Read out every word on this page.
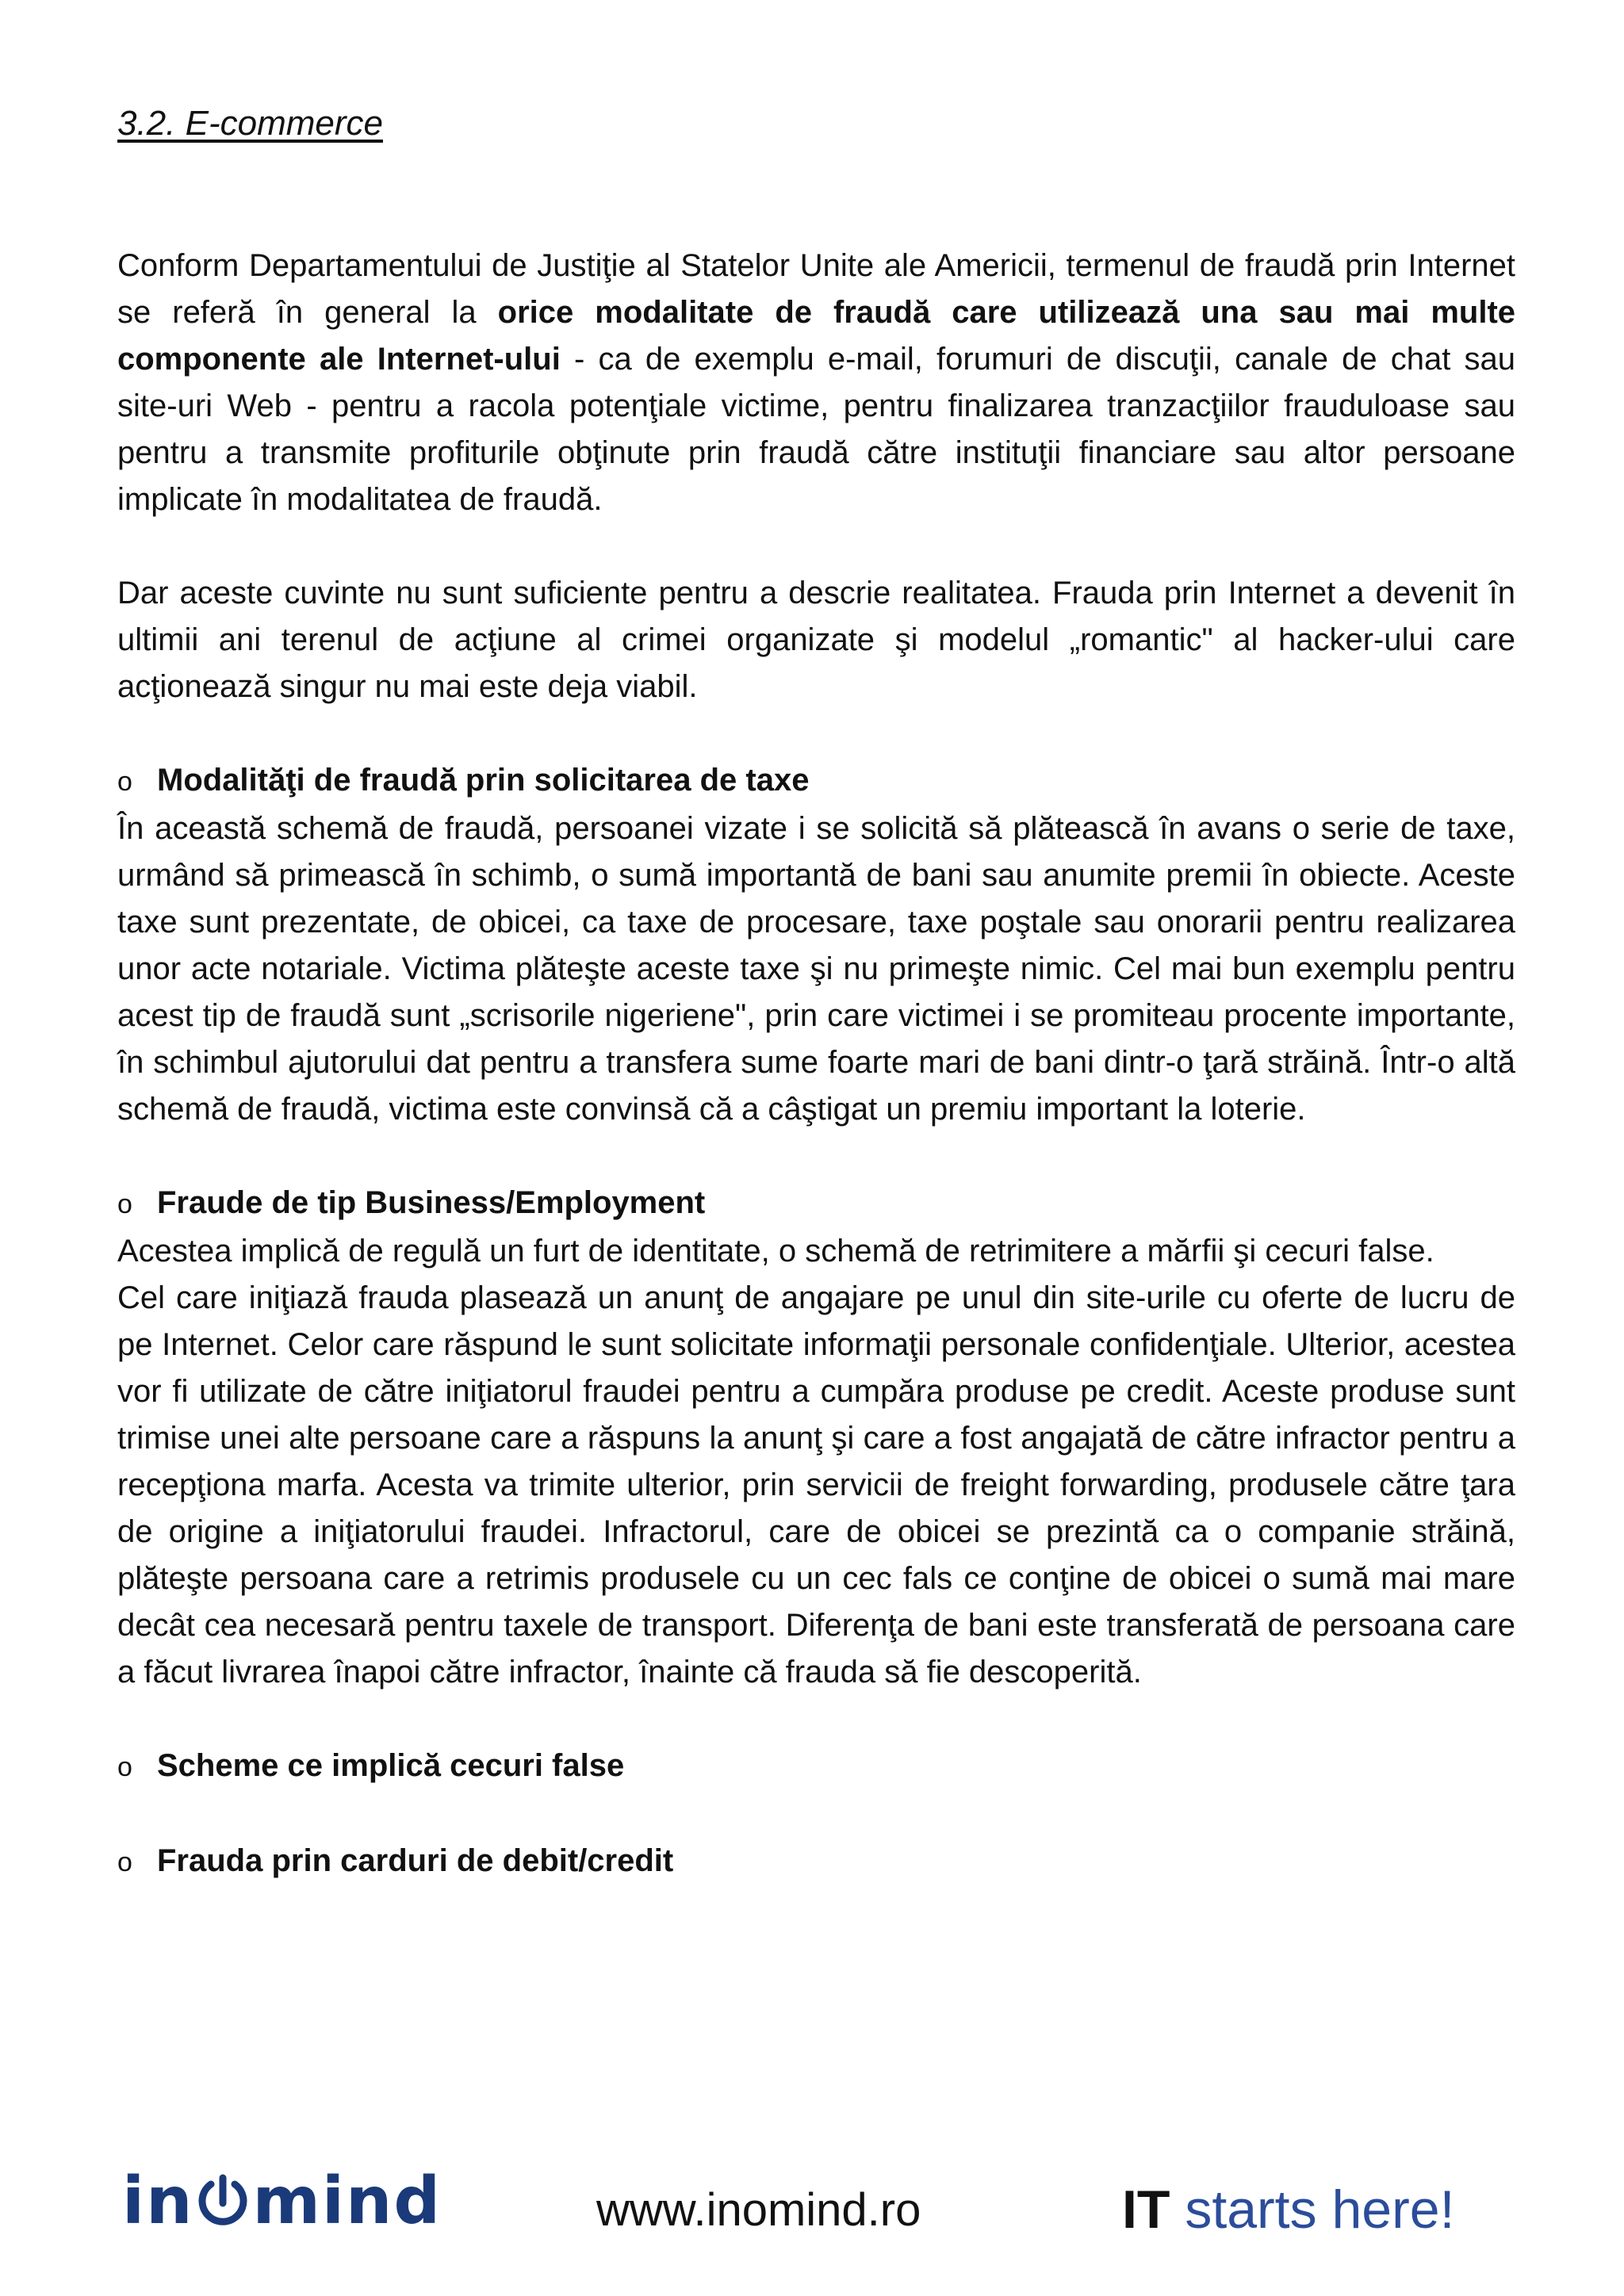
3.2. E-commerce

Conform Departamentului de Justiţie al Statelor Unite ale Americii, termenul de fraudă prin Internet se referă în general la orice modalitate de fraudă care utilizează una sau mai multe componente ale Internet-ului - ca de exemplu e-mail, forumuri de discuţii, canale de chat sau site-uri Web - pentru a racola potenţiale victime, pentru finalizarea tranzacţiilor frauduloase sau pentru a transmite profiturile obţinute prin fraudă către instituţii financiare sau altor persoane implicate în modalitatea de fraudă.

Dar aceste cuvinte nu sunt suficiente pentru a descrie realitatea. Frauda prin Internet a devenit în ultimii ani terenul de acţiune al crimei organizate şi modelul „romantic" al hacker-ului care acţionează singur nu mai este deja viabil.

o Modalităţi de fraudă prin solicitarea de taxe

În această schemă de fraudă, persoanei vizate i se solicită să plătească în avans o serie de taxe, urmând să primească în schimb, o sumă importantă de bani sau anumite premii în obiecte. Aceste taxe sunt prezentate, de obicei, ca taxe de procesare, taxe poştale sau onorarii pentru realizarea unor acte notariale. Victima plăteşte aceste taxe şi nu primeşte nimic. Cel mai bun exemplu pentru acest tip de fraudă sunt „scrisorile nigeriene", prin care victimei i se promiteau procente importante, în schimbul ajutorului dat pentru a transfera sume foarte mari de bani dintr-o ţară străină. Într-o altă schemă de fraudă, victima este convinsă că a câştigat un premiu important la loterie.

o Fraude de tip Business/Employment

Acestea implică de regulă un furt de identitate, o schemă de retrimitere a mărfii şi cecuri false.

Cel care iniţiază frauda plasează un anunţ de angajare pe unul din site-urile cu oferte de lucru de pe Internet. Celor care răspund le sunt solicitate informaţii personale confidenţiale. Ulterior, acestea vor fi utilizate de către iniţiatorul fraudei pentru a cumpăra produse pe credit. Aceste produse sunt trimise unei alte persoane care a răspuns la anunţ şi care a fost angajată de către infractor pentru a recepţiona marfa. Acesta va trimite ulterior, prin servicii de freight forwarding, produsele către ţara de origine a iniţiatorului fraudei. Infractorul, care de obicei se prezintă ca o companie străină, plăteşte persoana care a retrimis produsele cu un cec fals ce conţine de obicei o sumă mai mare decât cea necesară pentru taxele de transport. Diferenţa de bani este transferată de persoana care a făcut livrarea înapoi către infractor, înainte că frauda să fie descoperită.

o Scheme ce implică cecuri false
o Frauda prin carduri de debit/credit
in mind	www.inomind.ro	IT starts here!
